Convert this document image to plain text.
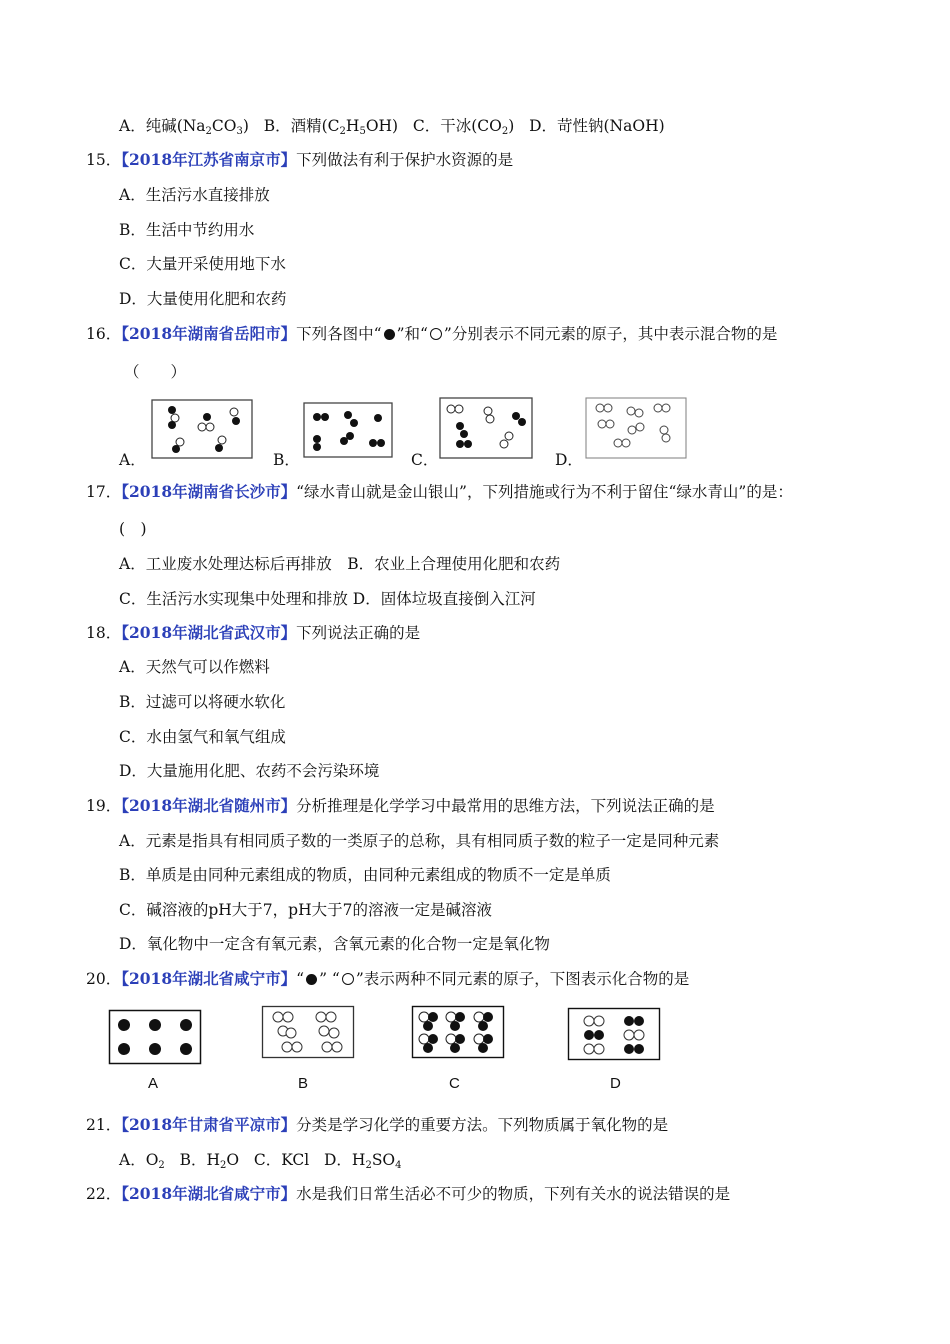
A．纯碱$(Na_2CO_3)$ B．酒精$(C_2H_5OH)$ C．干冰$(CO_2)$ D．苛性钠(NaOH)
15．【2018年江苏省南京市】下列做法有利于保护水资源的是
A．生活污水直接排放
B．生活中节约用水
C．大量开采使用地下水
D．大量使用化肥和农药
16．【2018年湖南省岳阳市】下列各图中“ ”和“ ”分别表示不同元素的原子，其中表示混合物的是
（　　）
A．	B．	C．	D．
17．【2018年湖南省长沙市】“绿水青山就是金山银山”，下列措施或行为不利于留住“绿水青山”的是：
(　)
A．工业废水处理达标后再排放　B．农业上合理使用化肥和农药
C．生活污水实现集中处理和排放 D．固体垃圾直接倒入江河
18．【2018年湖北省武汉市】下列说法正确的是
A．天然气可以作燃料
B．过滤可以将硬水软化
C．水由氢气和氧气组成
D．大量施用化肥、农药不会污染环境
19．【2018年湖北省随州市】分析推理是化学学习中最常用的思维方法，下列说法正确的是
A．元素是指具有相同质子数的一类原子的总称，具有相同质子数的粒子一定是同种元素
B．单质是由同种元素组成的物质，由同种元素组成的物质不一定是单质
C．碱溶液的pH大于7，pH大于7的溶液一定是碱溶液
D．氧化物中一定含有氧元素，含氧元素的化合物一定是氧化物
20．【2018年湖北省咸宁市】“ ” “ ”表示两种不同元素的原子，下图表示化合物的是
A	B	C	D
21．【2018年甘肃省平凉市】分类是学习化学的重要方法。下列物质属于氧化物的是
A．$O_2$ B．$H_2O$ C．KCl D．$H_2SO_4$
22．【2018年湖北省咸宁市】水是我们日常生活必不可少的物质，下列有关水的说法错误的是
